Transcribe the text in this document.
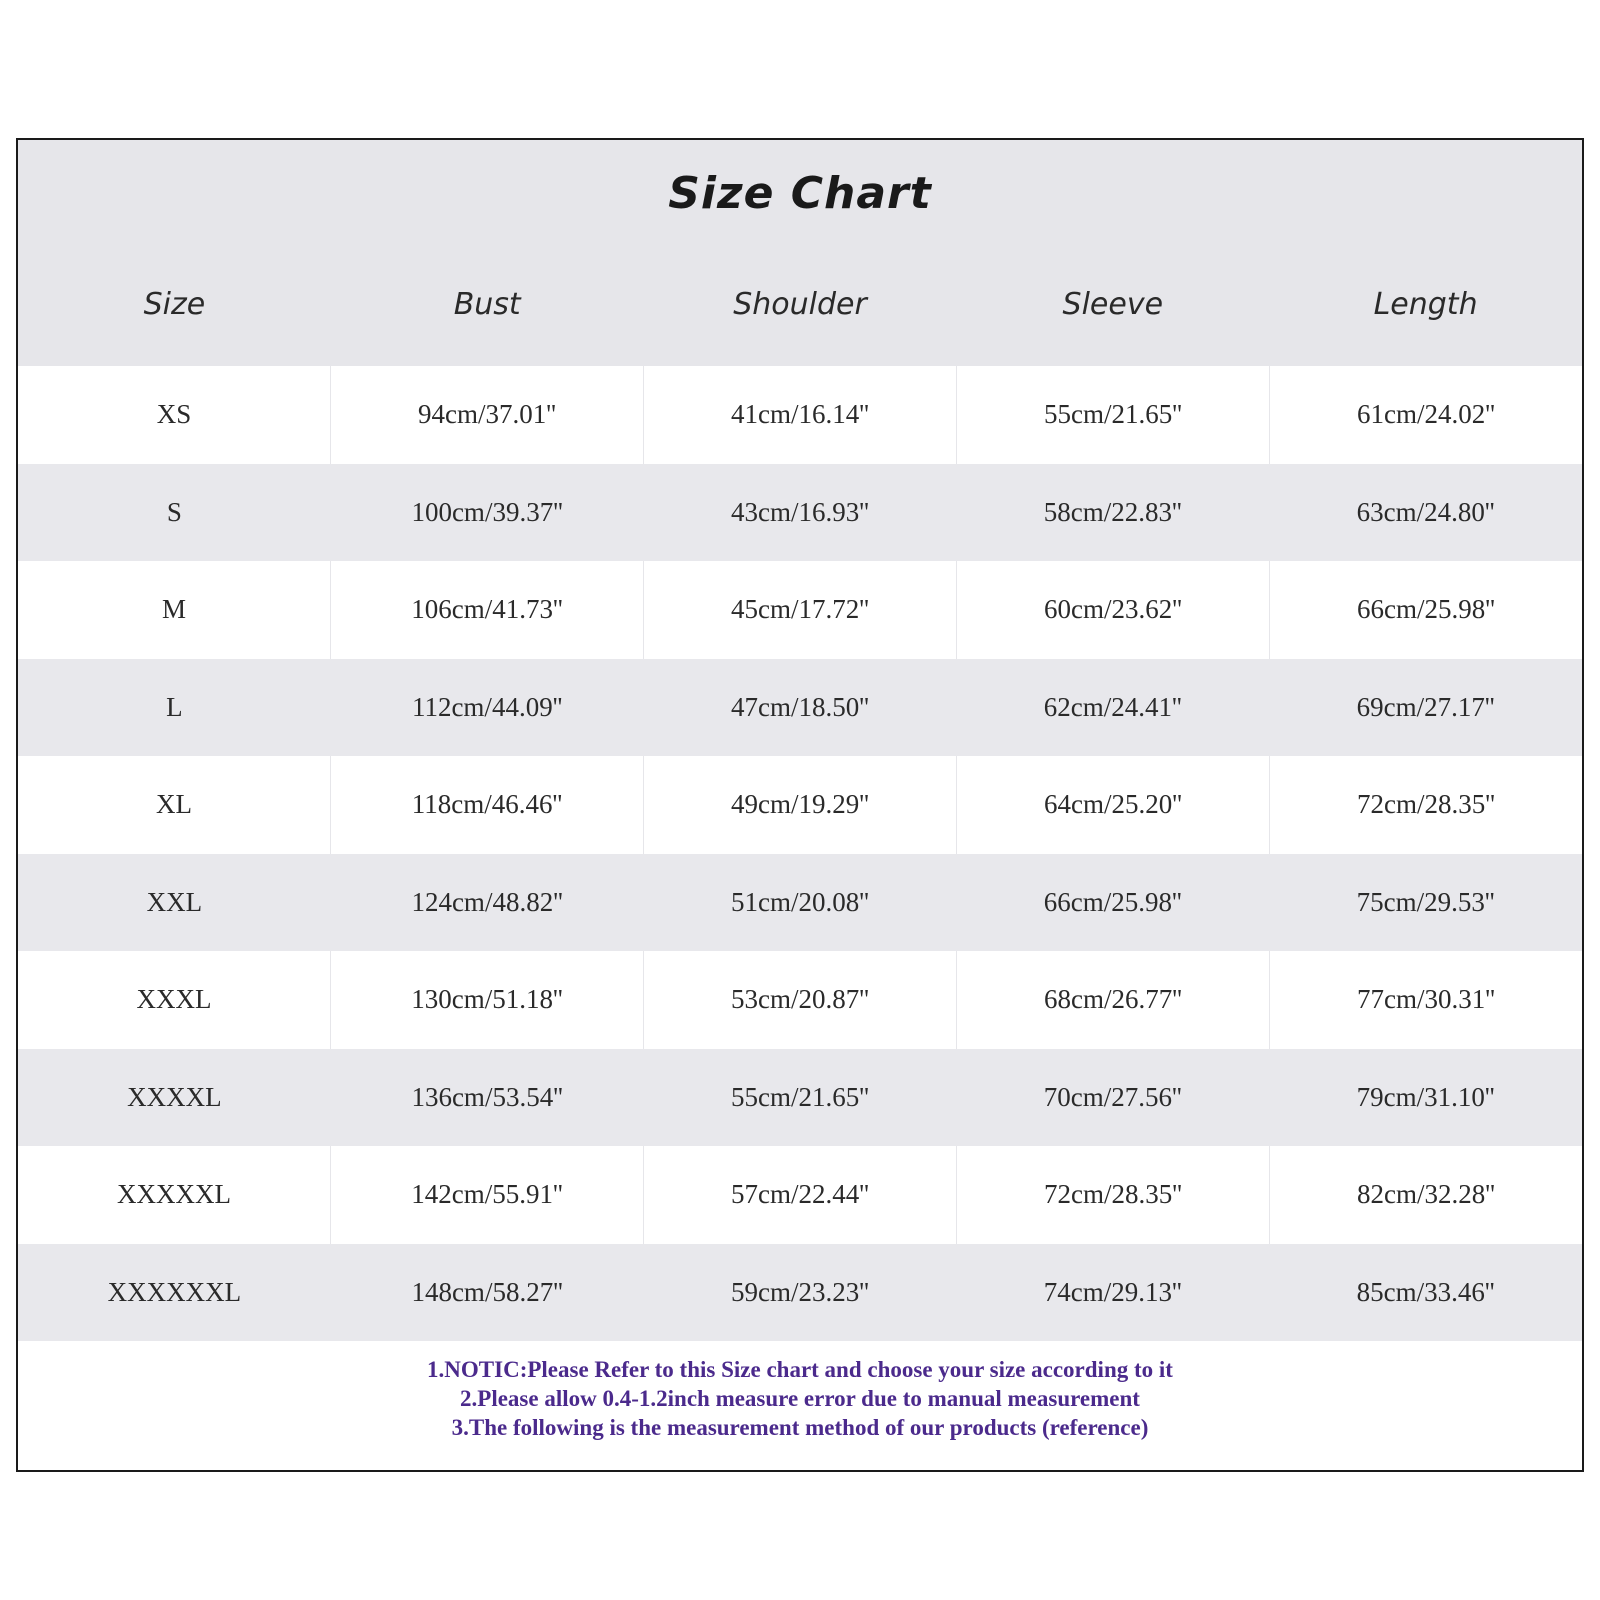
Size Chart
Size	Bust	Shoulder	Sleeve	Length
XS	94cm/37.01''	41cm/16.14''	55cm/21.65''	61cm/24.02''
S	100cm/39.37''	43cm/16.93''	58cm/22.83''	63cm/24.80''
M	106cm/41.73''	45cm/17.72''	60cm/23.62''	66cm/25.98''
L	112cm/44.09''	47cm/18.50''	62cm/24.41''	69cm/27.17''
XL	118cm/46.46''	49cm/19.29''	64cm/25.20''	72cm/28.35''
XXL	124cm/48.82''	51cm/20.08''	66cm/25.98''	75cm/29.53''
XXXL	130cm/51.18''	53cm/20.87''	68cm/26.77''	77cm/30.31''
XXXXL	136cm/53.54''	55cm/21.65''	70cm/27.56''	79cm/31.10''
XXXXXL	142cm/55.91''	57cm/22.44''	72cm/28.35''	82cm/32.28''
XXXXXXL	148cm/58.27''	59cm/23.23''	74cm/29.13''	85cm/33.46''
1.NOTIC:Please Refer to this Size chart and choose your size according to it
2.Please allow 0.4-1.2inch measure error due to manual measurement
3.The following is the measurement method of our products (reference)
